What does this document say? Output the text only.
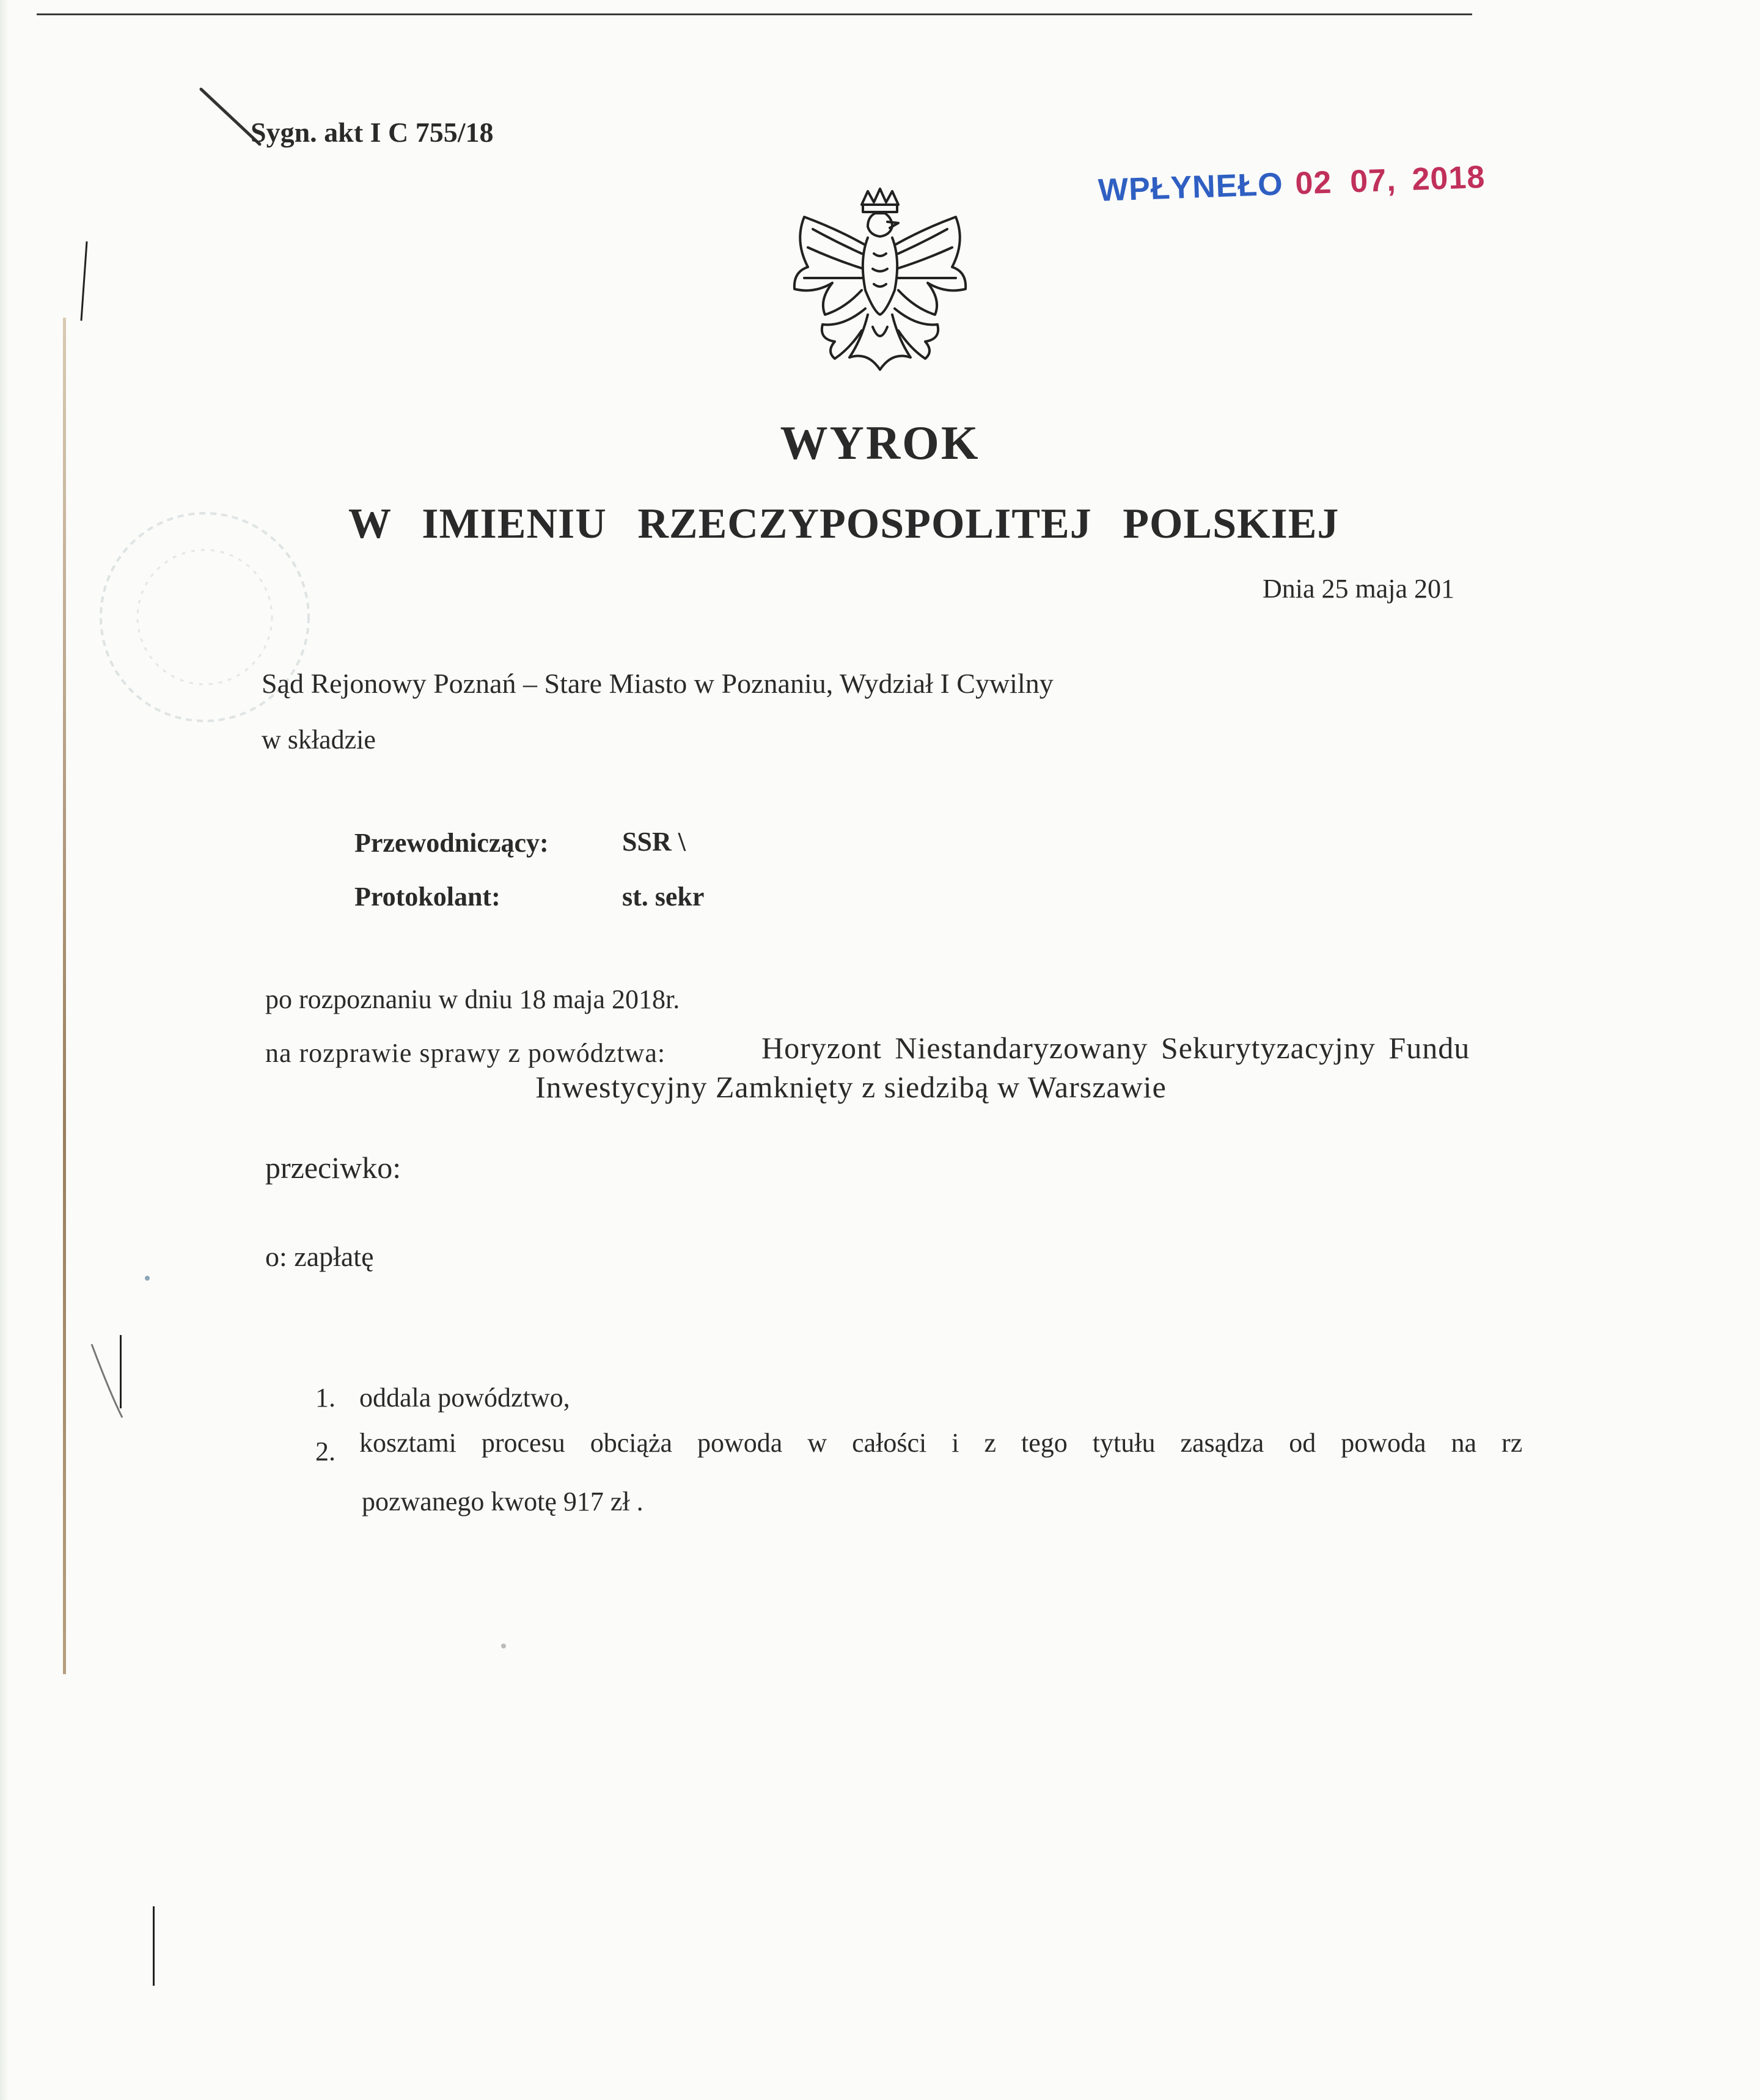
Sygn. akt I C 755/18
WPŁYNEŁO 02 07, 2018
WYROK
W IMIENIU RZECZYPOSPOLITEJ POLSKIEJ
Dnia 25 maja 201
Sąd Rejonowy Poznań – Stare Miasto w Poznaniu, Wydział I Cywilny
w składzie
Przewodniczący:	SSR \
Protokolant:	st. sekr
po rozpoznaniu w dniu 18 maja 2018r.
na rozprawie sprawy z powództwa:	Horyzont Niestandaryzowany Sekurytyzacyjny Fundu
Inwestycyjny Zamknięty z siedzibą w Warszawie
przeciwko:
o: zapłatę
1. oddala powództwo,
2. kosztami procesu obciąża powoda w całości i z tego tytułu zasądza od powoda na rz
pozwanego kwotę 917 zł .
